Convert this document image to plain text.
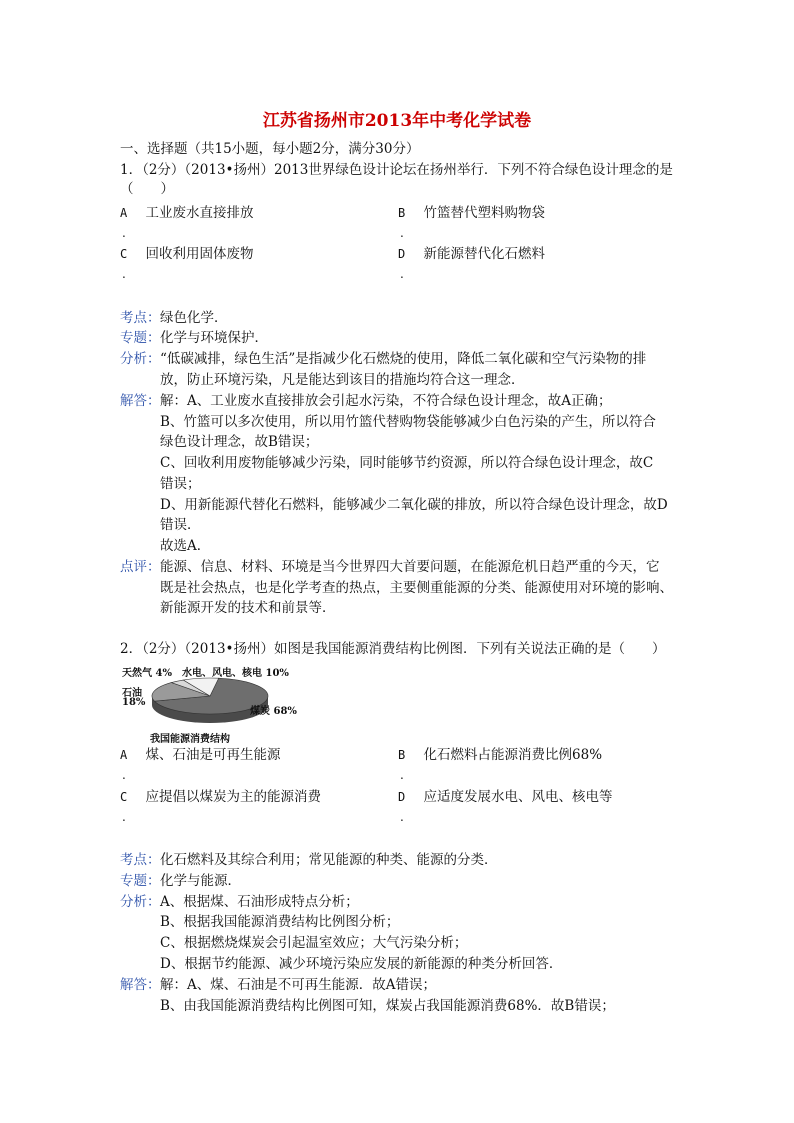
江苏省扬州市2013年中考化学试卷
一、选择题（共15小题，每小题2分，满分30分）
1．（2分）（2013•扬州）2013世界绿色设计论坛在扬州举行．下列不符合绿色设计理念的是
（　　）
A 工业废水直接排放
.
B 竹篮替代塑料购物袋
.
C 回收利用固体废物
.
D 新能源替代化石燃料
.
考点： 绿色化学．
专题： 化学与环境保护．
分析： “低碳减排，绿色生活”是指减少化石燃烧的使用，降低二氧化碳和空气污染物的排
放，防止环境污染，凡是能达到该目的措施均符合这一理念．
解答： 解：A、工业废水直接排放会引起水污染，不符合绿色设计理念，故A正确；
B、竹篮可以多次使用，所以用竹篮代替购物袋能够减少白色污染的产生，所以符合
绿色设计理念，故B错误；
C、回收利用废物能够减少污染，同时能够节约资源，所以符合绿色设计理念，故C
错误；
D、用新能源代替化石燃料，能够减少二氧化碳的排放，所以符合绿色设计理念，故D
错误．
故选A．
点评： 能源、信息、材料、环境是当今世界四大首要问题，在能源危机日趋严重的今天，它
既是社会热点，也是化学考查的热点，主要侧重能源的分类、能源使用对环境的影响、
新能源开发的技术和前景等．
2．（2分）（2013•扬州）如图是我国能源消费结构比例图．下列有关说法正确的是（　　）
天然气 4% 水电、风电、核电 10%
石油
18%
煤炭 68%
我国能源消费结构
A 煤、石油是可再生能源
.
B 化石燃料占能源消费比例68%
.
C 应提倡以煤炭为主的能源消费
.
D 应适度发展水电、风电、核电等
.
考点： 化石燃料及其综合利用；常见能源的种类、能源的分类．
专题： 化学与能源．
分析： A、根据煤、石油形成特点分析；
B、根据我国能源消费结构比例图分析；
C、根据燃烧煤炭会引起温室效应；大气污染分析；
D、根据节约能源、减少环境污染应发展的新能源的种类分析回答．
解答： 解：A、煤、石油是不可再生能源．故A错误；
B、由我国能源消费结构比例图可知，煤炭占我国能源消费68%．故B错误；
